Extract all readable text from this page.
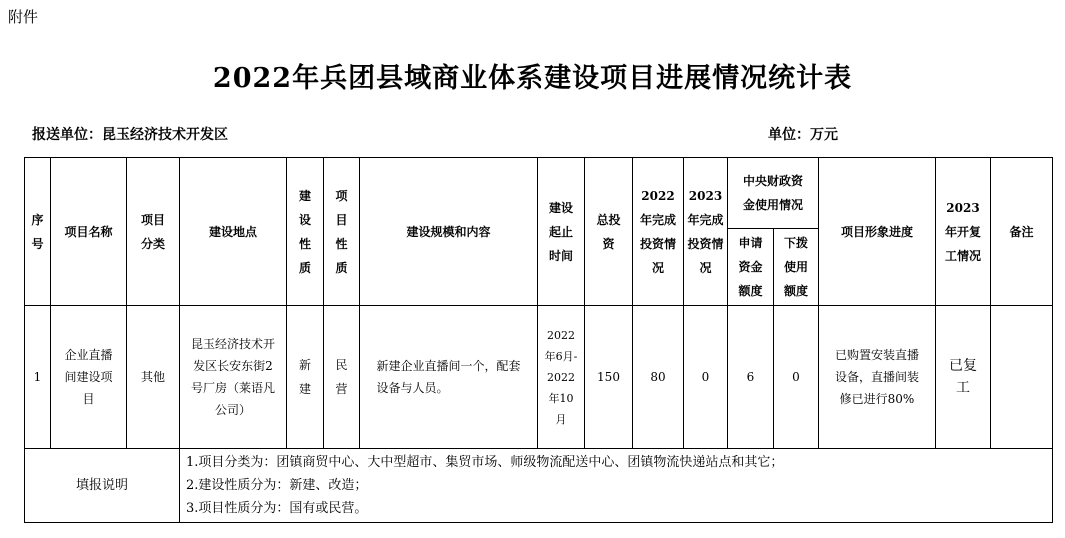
附件
2022年兵团县域商业体系建设项目进展情况统计表
报送单位：昆玉经济技术开发区	单位：万元
序号	项目名称	项目分类	建设地点	建设性质	项目性质	建设规模和内容	建设起止时间	总投资	2022年完成投资情况	2023年完成投资情况	中央财政资金使用情况		项目形象进度	2023年开复工情况	备注

											申请资金额度	下拨使用额度			

1	企业直播间建设项目	其他	昆玉经济技术开发区长安东街2号厂房（莱语凡公司）	新建	民营	新建企业直播间一个，配套设备与人员。	2022年6月-2022年10月	150	80	0	6	0	已购置安装直播设备，直播间装修已进行80%	已复工	

填报说明			1.项目分类为：团镇商贸中心、大中型超市、集贸市场、师级物流配送中心、团镇物流快递站点和其它；
2.建设性质分为：新建、改造；
3.项目性质分为：国有或民营。												
